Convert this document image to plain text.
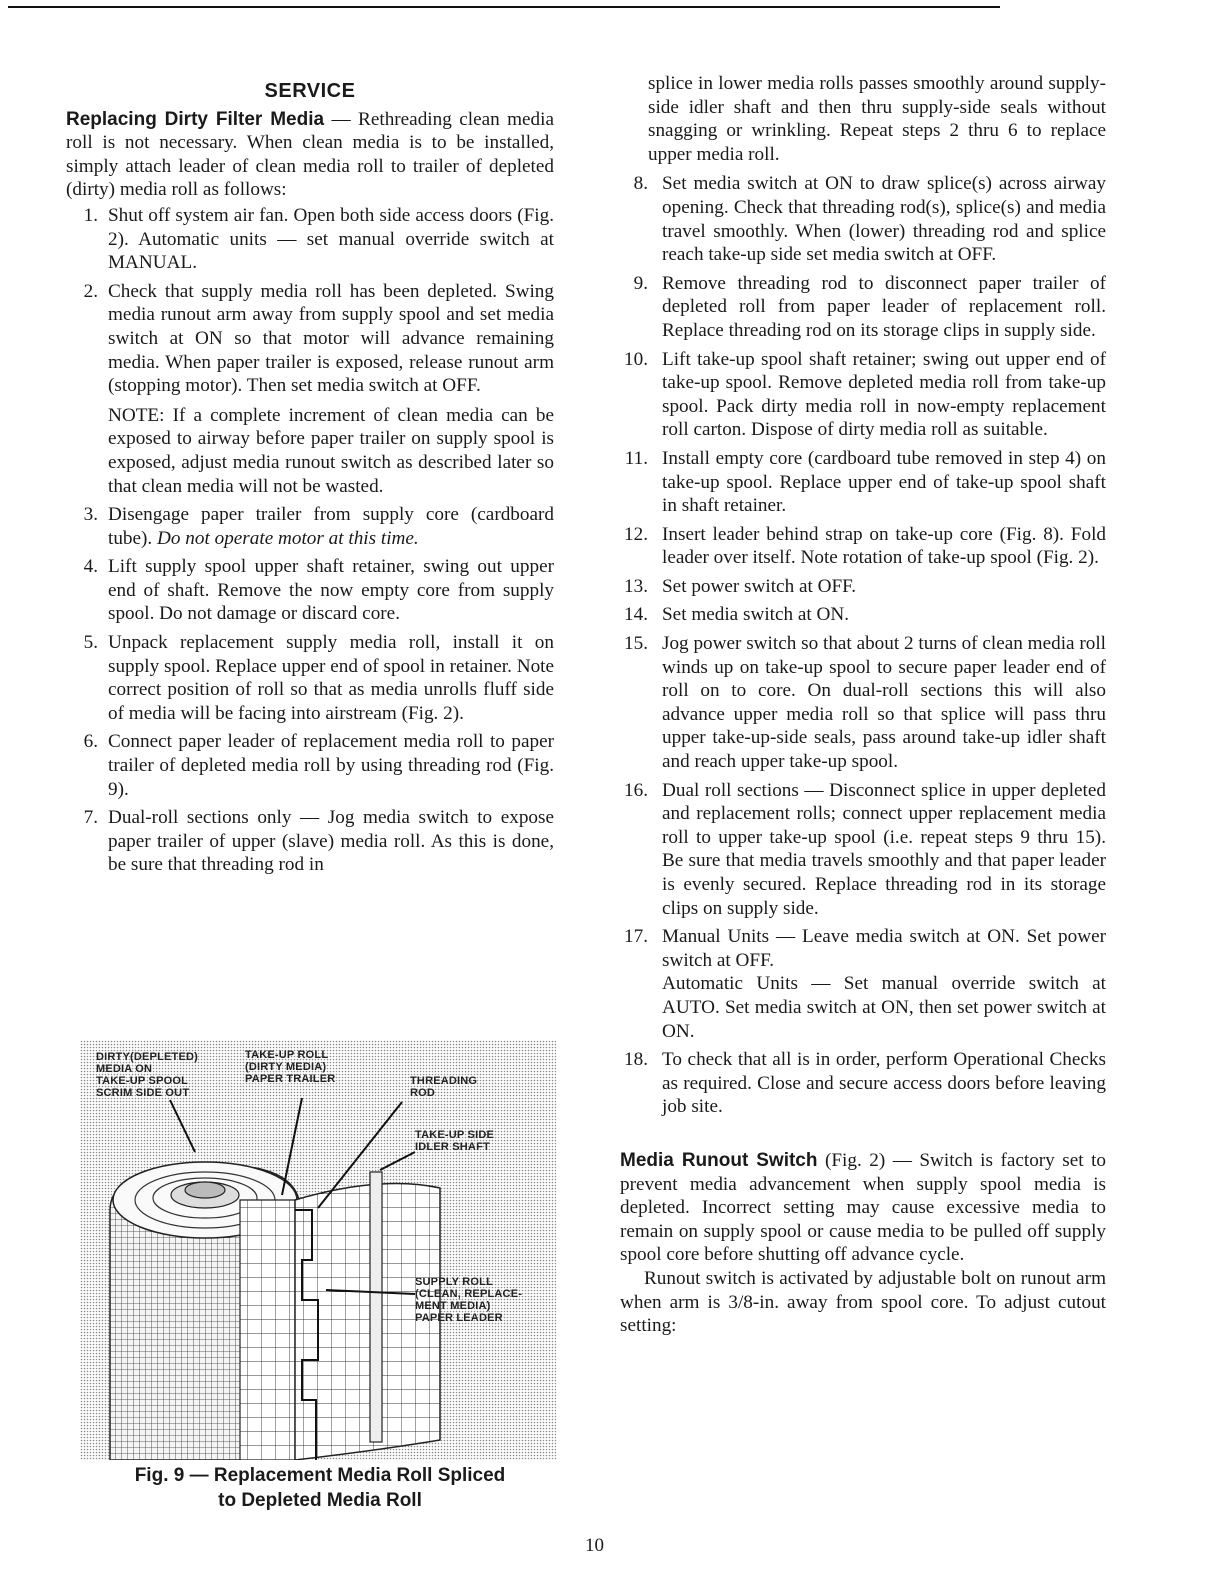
SERVICE

Replacing Dirty Filter Media — Rethreading clean media roll is not necessary. When clean media is to be installed, simply attach leader of clean media roll to trailer of depleted (dirty) media roll as follows:

1. Shut off system air fan. Open both side access doors (Fig. 2). Automatic units — set manual override switch at MANUAL.
2. Check that supply media roll has been depleted. Swing media runout arm away from supply spool and set media switch at ON so that motor will advance remaining media. When paper trailer is exposed, release runout arm (stopping motor). Then set media switch at OFF.

NOTE: If a complete increment of clean media can be exposed to airway before paper trailer on supply spool is exposed, adjust media runout switch as described later so that clean media will not be wasted.

3. Disengage paper trailer from supply core (cardboard tube). Do not operate motor at this time.
4. Lift supply spool upper shaft retainer, swing out upper end of shaft. Remove the now empty core from supply spool. Do not damage or discard core.
5. Unpack replacement supply media roll, install it on supply spool. Replace upper end of spool in retainer. Note correct position of roll so that as media unrolls fluff side of media will be facing into airstream (Fig. 2).
6. Connect paper leader of replacement media roll to paper trailer of depleted media roll by using threading rod (Fig. 9).
7. Dual-roll sections only — Jog media switch to expose paper trailer of upper (slave) media roll. As this is done, be sure that threading rod in

splice in lower media rolls passes smoothly around supply-side idler shaft and then thru supply-side seals without snagging or wrinkling. Repeat steps 2 thru 6 to replace upper media roll.

8. Set media switch at ON to draw splice(s) across airway opening. Check that threading rod(s), splice(s) and media travel smoothly. When (lower) threading rod and splice reach take-up side set media switch at OFF.
9. Remove threading rod to disconnect paper trailer of depleted roll from paper leader of replacement roll. Replace threading rod on its storage clips in supply side.
10. Lift take-up spool shaft retainer; swing out upper end of take-up spool. Remove depleted media roll from take-up spool. Pack dirty media roll in now-empty replacement roll carton. Dispose of dirty media roll as suitable.
11. Install empty core (cardboard tube removed in step 4) on take-up spool. Replace upper end of take-up spool shaft in shaft retainer.
12. Insert leader behind strap on take-up core (Fig. 8). Fold leader over itself. Note rotation of take-up spool (Fig. 2).
13. Set power switch at OFF.
14. Set media switch at ON.
15. Jog power switch so that about 2 turns of clean media roll winds up on take-up spool to secure paper leader end of roll on to core. On dual-roll sections this will also advance upper media roll so that splice will pass thru upper take-up-side seals, pass around take-up idler shaft and reach upper take-up spool.
16. Dual roll sections — Disconnect splice in upper depleted and replacement rolls; connect upper replacement media roll to upper take-up spool (i.e. repeat steps 9 thru 15). Be sure that media travels smoothly and that paper leader is evenly secured. Replace threading rod in its storage clips on supply side.
17. Manual Units — Leave media switch at ON. Set power switch at OFF.
Automatic Units — Set manual override switch at AUTO. Set media switch at ON, then set power switch at ON.
18. To check that all is in order, perform Operational Checks as required. Close and secure access doors before leaving job site.

Media Runout Switch (Fig. 2) — Switch is factory set to prevent media advancement when supply spool media is depleted. Incorrect setting may cause excessive media to remain on supply spool or cause media to be pulled off supply spool core before shutting off advance cycle.

Runout switch is activated by adjustable bolt on runout arm when arm is 3/8-in. away from spool core. To adjust cutout setting:

DIRTY(DEPLETED)
MEDIA ON
TAKE-UP SPOOL
SCRIM SIDE OUT
TAKE-UP ROLL
(DIRTY MEDIA)
PAPER TRAILER	THREADING
ROD
TAKE-UP SIDE
IDLER SHAFT
SUPPLY ROLL
(CLEAN, REPLACE-
MENT MEDIA)
PAPER LEADER
Fig. 9 — Replacement Media Roll Spliced
to Depleted Media Roll
10
